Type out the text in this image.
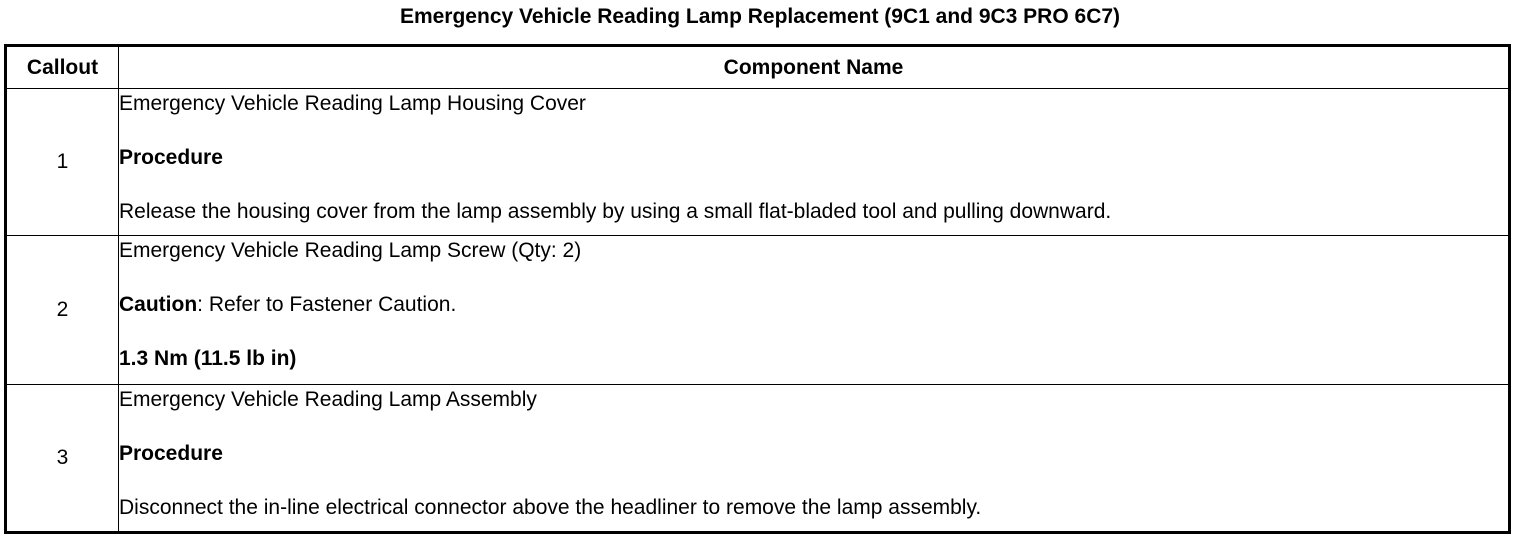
Emergency Vehicle Reading Lamp Replacement (9C1 and 9C3 PRO 6C7)
Callout	Component Name
1	Emergency Vehicle Reading Lamp Housing Cover
Procedure
Release the housing cover from the lamp assembly by using a small flat-bladed tool and pulling downward.

2	Emergency Vehicle Reading Lamp Screw (Qty: 2)
Caution: Refer to Fastener Caution.
1.3 Nm (11.5 lb in)

3	Emergency Vehicle Reading Lamp Assembly
Procedure
Disconnect the in-line electrical connector above the headliner to remove the lamp assembly.
